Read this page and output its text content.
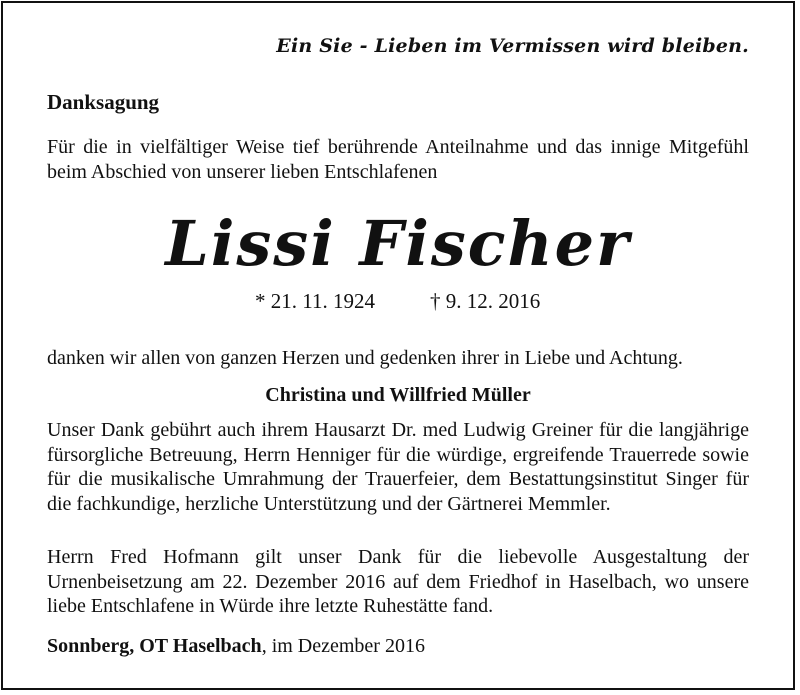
Ein Sie - Lieben im Vermissen wird bleiben.
Danksagung
Für die in vielfältiger Weise tief berührende Anteilnahme und das innige Mitgefühl beim Abschied von unserer lieben Entschlafenen
Lissi Fischer
* 21. 11. 1924	† 9. 12. 2016
danken wir allen von ganzen Herzen und gedenken ihrer in Liebe und Achtung.
Christina und Willfried Müller
Unser Dank gebührt auch ihrem Hausarzt Dr. med Ludwig Greiner für die langjährige fürsorgliche Betreuung, Herrn Henniger für die würdige, ergreifende Trauerrede sowie für die musikalische Umrahmung der Trauerfeier, dem Bestattungsinstitut Singer für die fachkundige, herzliche Unterstützung und der Gärtnerei Memmler.
Herrn Fred Hofmann gilt unser Dank für die liebevolle Ausgestaltung der Urnenbeisetzung am 22. Dezember 2016 auf dem Friedhof in Haselbach, wo unsere liebe Entschlafene in Würde ihre letzte Ruhestätte fand.
Sonnberg, OT Haselbach, im Dezember 2016
